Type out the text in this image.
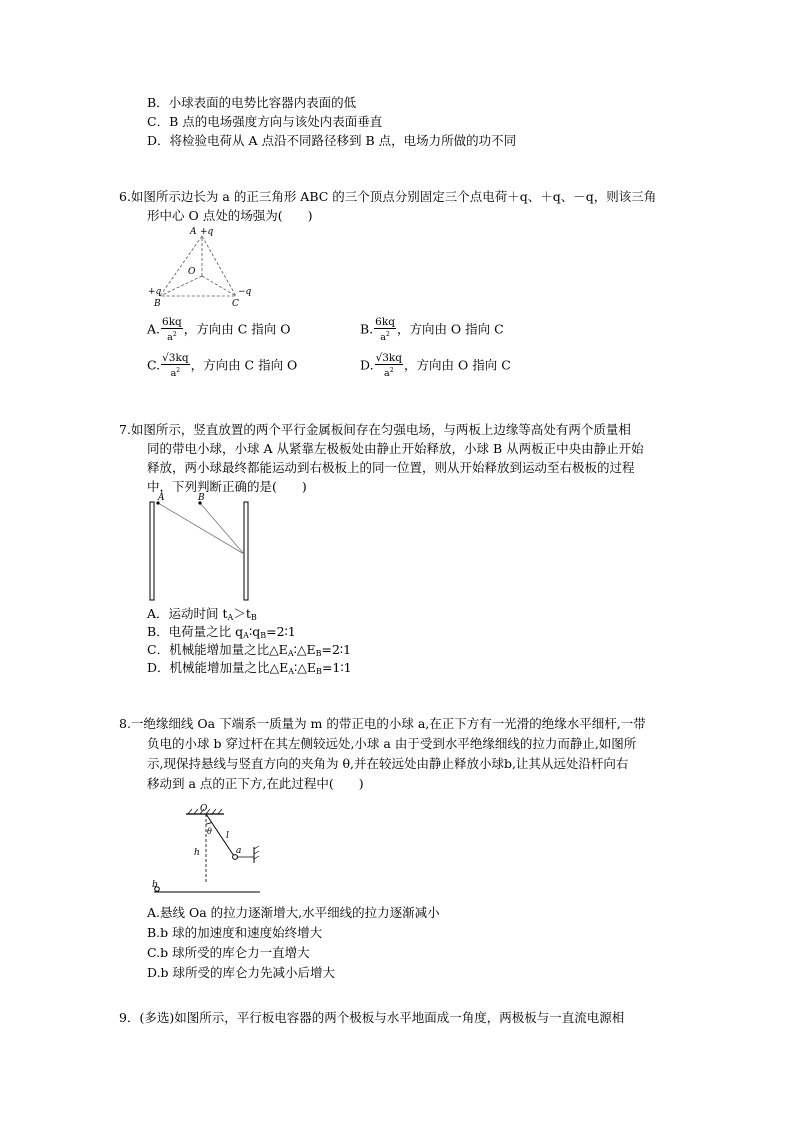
B．小球表面的电势比容器内表面的低
C．B 点的电场强度方向与该处内表面垂直
D．将检验电荷从 A 点沿不同路径移到 B 点，电场力所做的功不同
6.如图所示边长为 a 的正三角形 ABC 的三个顶点分别固定三个点电荷＋q、＋q、－q，则该三角
形中心 O 点处的场强为(　　)
A +q
O
+q
B
−q
C
A. $\frac{6kq}{a^2}$ ，方向由 C 指向 O	B. $\frac{6kq}{a^2}$ ，方向由 O 指向 C
C. $\frac{√3kq}{a^2}$ ，方向由 C 指向 O	D. $\frac{√3kq}{a^2}$ ，方向由 O 指向 C
7.如图所示，竖直放置的两个平行金属板间存在匀强电场，与两板上边缘等高处有两个质量相
同的带电小球，小球 A 从紧靠左极板处由静止开始释放，小球 B 从两板正中央由静止开始
释放，两小球最终都能运动到右极板上的同一位置，则从开始释放到运动至右极板的过程
中，下列判断正确的是(　　)
A	B
A．运动时间 $t_A>t_B$
B．电荷量之比 $q_A∶q_B=2∶1$
C．机械能增加量之比$\triangle E_A∶\triangle E_B=2∶1$
D．机械能增加量之比$\triangle E_A∶\triangle E_B=1∶1$
8.一绝缘细线 Oa 下端系一质量为 m 的带正电的小球 a,在正下方有一光滑的绝缘水平细杆,一带
负电的小球 b 穿过杆在其左侧较远处,小球 a 由于受到水平绝缘细线的拉力而静止,如图所
示,现保持悬线与竖直方向的夹角为 θ,并在较远处由静止释放小球b,让其从远处沿杆向右
移动到 a 点的正下方,在此过程中(　　)
O
θ l
a
h
b
A.悬线 Oa 的拉力逐渐增大,水平细线的拉力逐渐减小
B.b 球的加速度和速度始终增大
C.b 球所受的库仑力一直增大
D.b 球所受的库仑力先减小后增大
9．(多选)如图所示，平行板电容器的两个极板与水平地面成一角度，两极板与一直流电源相
